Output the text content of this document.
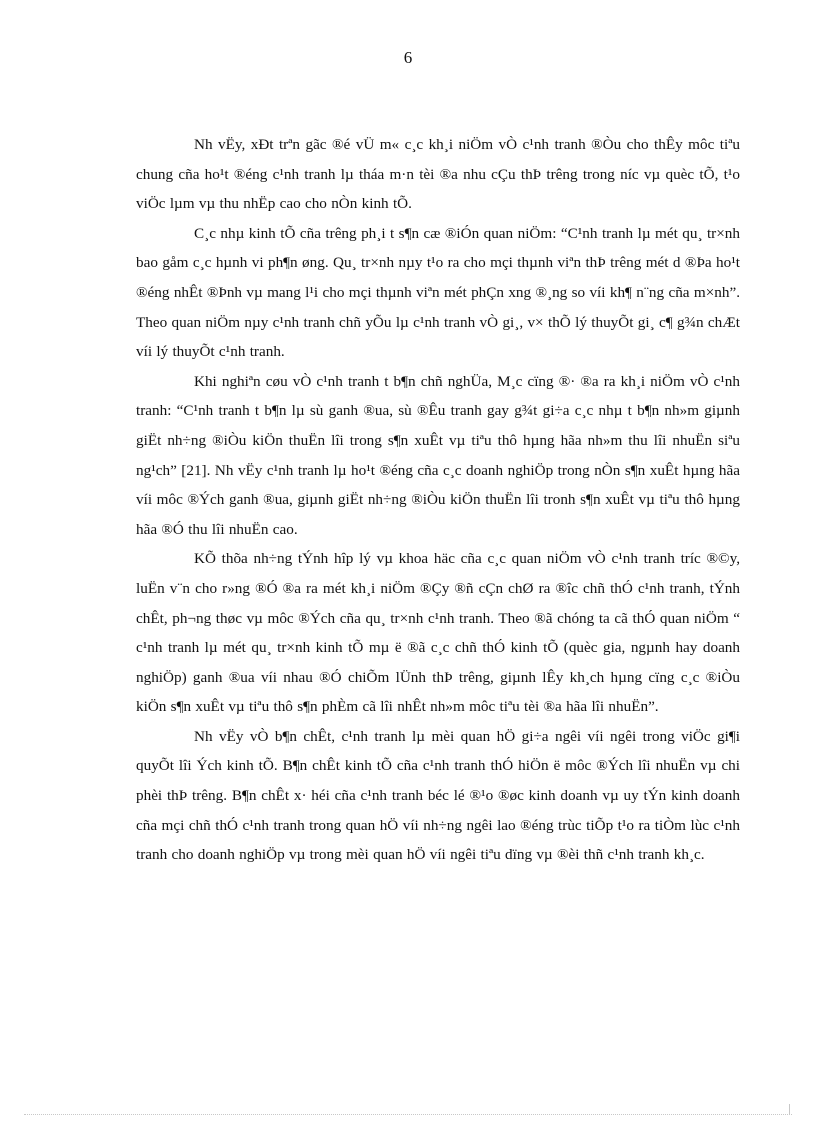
6

Nh vËy, xÐt trªn gãc ®é vÜ m« c¸c kh¸i niÖm vÒ c¹nh tranh ®Òu cho thÊy môc tiªu chung cña ho¹t ®éng c¹nh tranh lµ tháa m·n tèi ®a nhu cÇu thÞ trêng trong níc vµ quèc tÕ, t¹o viÖc lµm vµ thu nhËp cao cho nÒn kinh tÕ.

C¸c nhµ kinh tÕ cña trêng ph¸i t s¶n cæ ®iÓn quan niÖm: “C¹nh tranh lµ mét qu¸ tr×nh bao gåm c¸c hµnh vi ph¶n øng. Qu¸ tr×nh nµy t¹o ra cho mçi thµnh viªn thÞ trêng mét d ®Þa ho¹t ®éng nhÊt ®Þnh vµ mang l¹i cho mçi thµnh viªn mét phÇn xng ®¸ng so víi kh¶ n¨ng cña m×nh”. Theo quan niÖm nµy c¹nh tranh chñ yÕu lµ c¹nh tranh vÒ gi¸, v× thÕ lý thuyÕt gi¸ c¶ g¾n chÆt víi lý thuyÕt c¹nh tranh.

Khi nghiªn cøu vÒ c¹nh tranh t b¶n chñ nghÜa, M¸c cïng ®· ®a ra kh¸i niÖm vÒ c¹nh tranh: “C¹nh tranh t b¶n lµ sù ganh ®ua, sù ®Êu tranh gay g¾t gi÷a c¸c nhµ t b¶n nh»m giµnh giËt nh÷ng ®iÒu kiÖn thuËn lîi trong s¶n xuÊt vµ tiªu thô hµng hãa nh»m thu lîi nhuËn siªu ng¹ch” [21]. Nh vËy c¹nh tranh lµ ho¹t ®éng cña c¸c doanh nghiÖp trong nÒn s¶n xuÊt hµng hãa víi môc ®Ých ganh ®ua, giµnh giËt nh÷ng ®iÒu kiÖn thuËn lîi tronh s¶n xuÊt vµ tiªu thô hµng hãa ®Ó thu lîi nhuËn cao.

KÕ thõa nh÷ng tÝnh hîp lý vµ khoa häc cña c¸c quan niÖm vÒ c¹nh tranh tríc ®©y, luËn v¨n cho r»ng ®Ó ®a ra mét kh¸i niÖm ®Çy ®ñ cÇn chØ ra ®îc chñ thÓ c¹nh tranh, tÝnh chÊt, ph¬ng thøc vµ môc ®Ých cña qu¸ tr×nh c¹nh tranh. Theo ®ã chóng ta cã thÓ quan niÖm “ c¹nh tranh lµ mét qu¸ tr×nh kinh tÕ mµ ë ®ã c¸c chñ thÓ kinh tÕ (quèc gia, ngµnh hay doanh nghiÖp) ganh ®ua víi nhau ®Ó chiÕm lÜnh thÞ trêng, giµnh lÊy kh¸ch hµng cïng c¸c ®iÒu kiÖn s¶n xuÊt vµ tiªu thô s¶n phÈm cã lîi nhÊt nh»m môc tiªu tèi ®a hãa lîi nhuËn”.

Nh vËy vÒ b¶n chÊt, c¹nh tranh lµ mèi quan hÖ gi÷a ngêi víi ngêi trong viÖc gi¶i quyÕt lîi Ých kinh tÕ. B¶n chÊt kinh tÕ cña c¹nh tranh thÓ hiÖn ë môc ®Ých lîi nhuËn vµ chi phèi thÞ trêng. B¶n chÊt x· héi cña c¹nh tranh béc lé ®¹o ®øc kinh doanh vµ uy tÝn kinh doanh cña mçi chñ thÓ c¹nh tranh trong quan hÖ víi nh÷ng ngêi lao ®éng trùc tiÕp t¹o ra tiÒm lùc c¹nh tranh cho doanh nghiÖp vµ trong mèi quan hÖ víi ngêi tiªu dïng vµ ®èi thñ c¹nh tranh kh¸c.
